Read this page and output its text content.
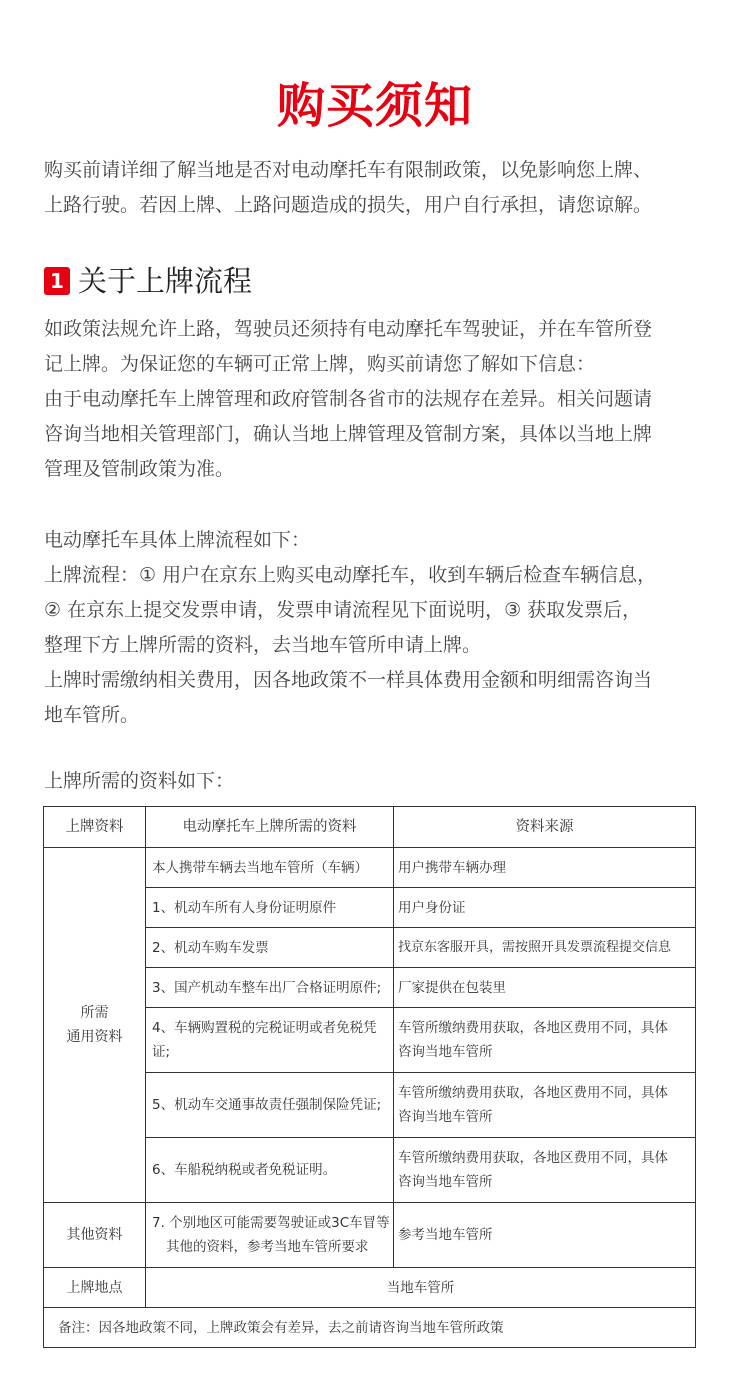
购买须知
购买前请详细了解当地是否对电动摩托车有限制政策，以免影响您上牌、
上路行驶。若因上牌、上路问题造成的损失，用户自行承担，请您谅解。
1 关于上牌流程
如政策法规允许上路，驾驶员还须持有电动摩托车驾驶证，并在车管所登
记上牌。为保证您的车辆可正常上牌，购买前请您了解如下信息：
由于电动摩托车上牌管理和政府管制各省市的法规存在差异。相关问题请
咨询当地相关管理部门，确认当地上牌管理及管制方案，具体以当地上牌
管理及管制政策为准。
电动摩托车具体上牌流程如下：
上牌流程：① 用户在京东上购买电动摩托车，收到车辆后检查车辆信息，
② 在京东上提交发票申请，发票申请流程见下面说明，③ 获取发票后，
整理下方上牌所需的资料，去当地车管所申请上牌。
上牌时需缴纳相关费用，因各地政策不一样具体费用金额和明细需咨询当
地车管所。
上牌所需的资料如下：
上牌资料	电动摩托车上牌所需的资料	资料来源

所需
通用资料	本人携带车辆去当地车管所（车辆）	用户携带车辆办理
	1、机动车所有人身份证明原件	用户身份证
	2、机动车购车发票	找京东客服开具，需按照开具发票流程提交信息
	3、国产机动车整车出厂合格证明原件;	厂家提供在包装里
	4、车辆购置税的完税证明或者免税凭证;	车管所缴纳费用获取，各地区费用不同，具体
咨询当地车管所

	5、机动车交通事故责任强制保险凭证;	车管所缴纳费用获取，各地区费用不同，具体
咨询当地车管所

	6、车船税纳税或者免税证明。	车管所缴纳费用获取，各地区费用不同，具体
咨询当地车管所

其他资料	7. 个别地区可能需要驾驶证或3C车冒等
其他的资料，参考当地车管所要求	参考当地车管所
上牌地点	当地车管所	
备注：因各地政策不同，上牌政策会有差异，去之前请咨询当地车管所政策		
